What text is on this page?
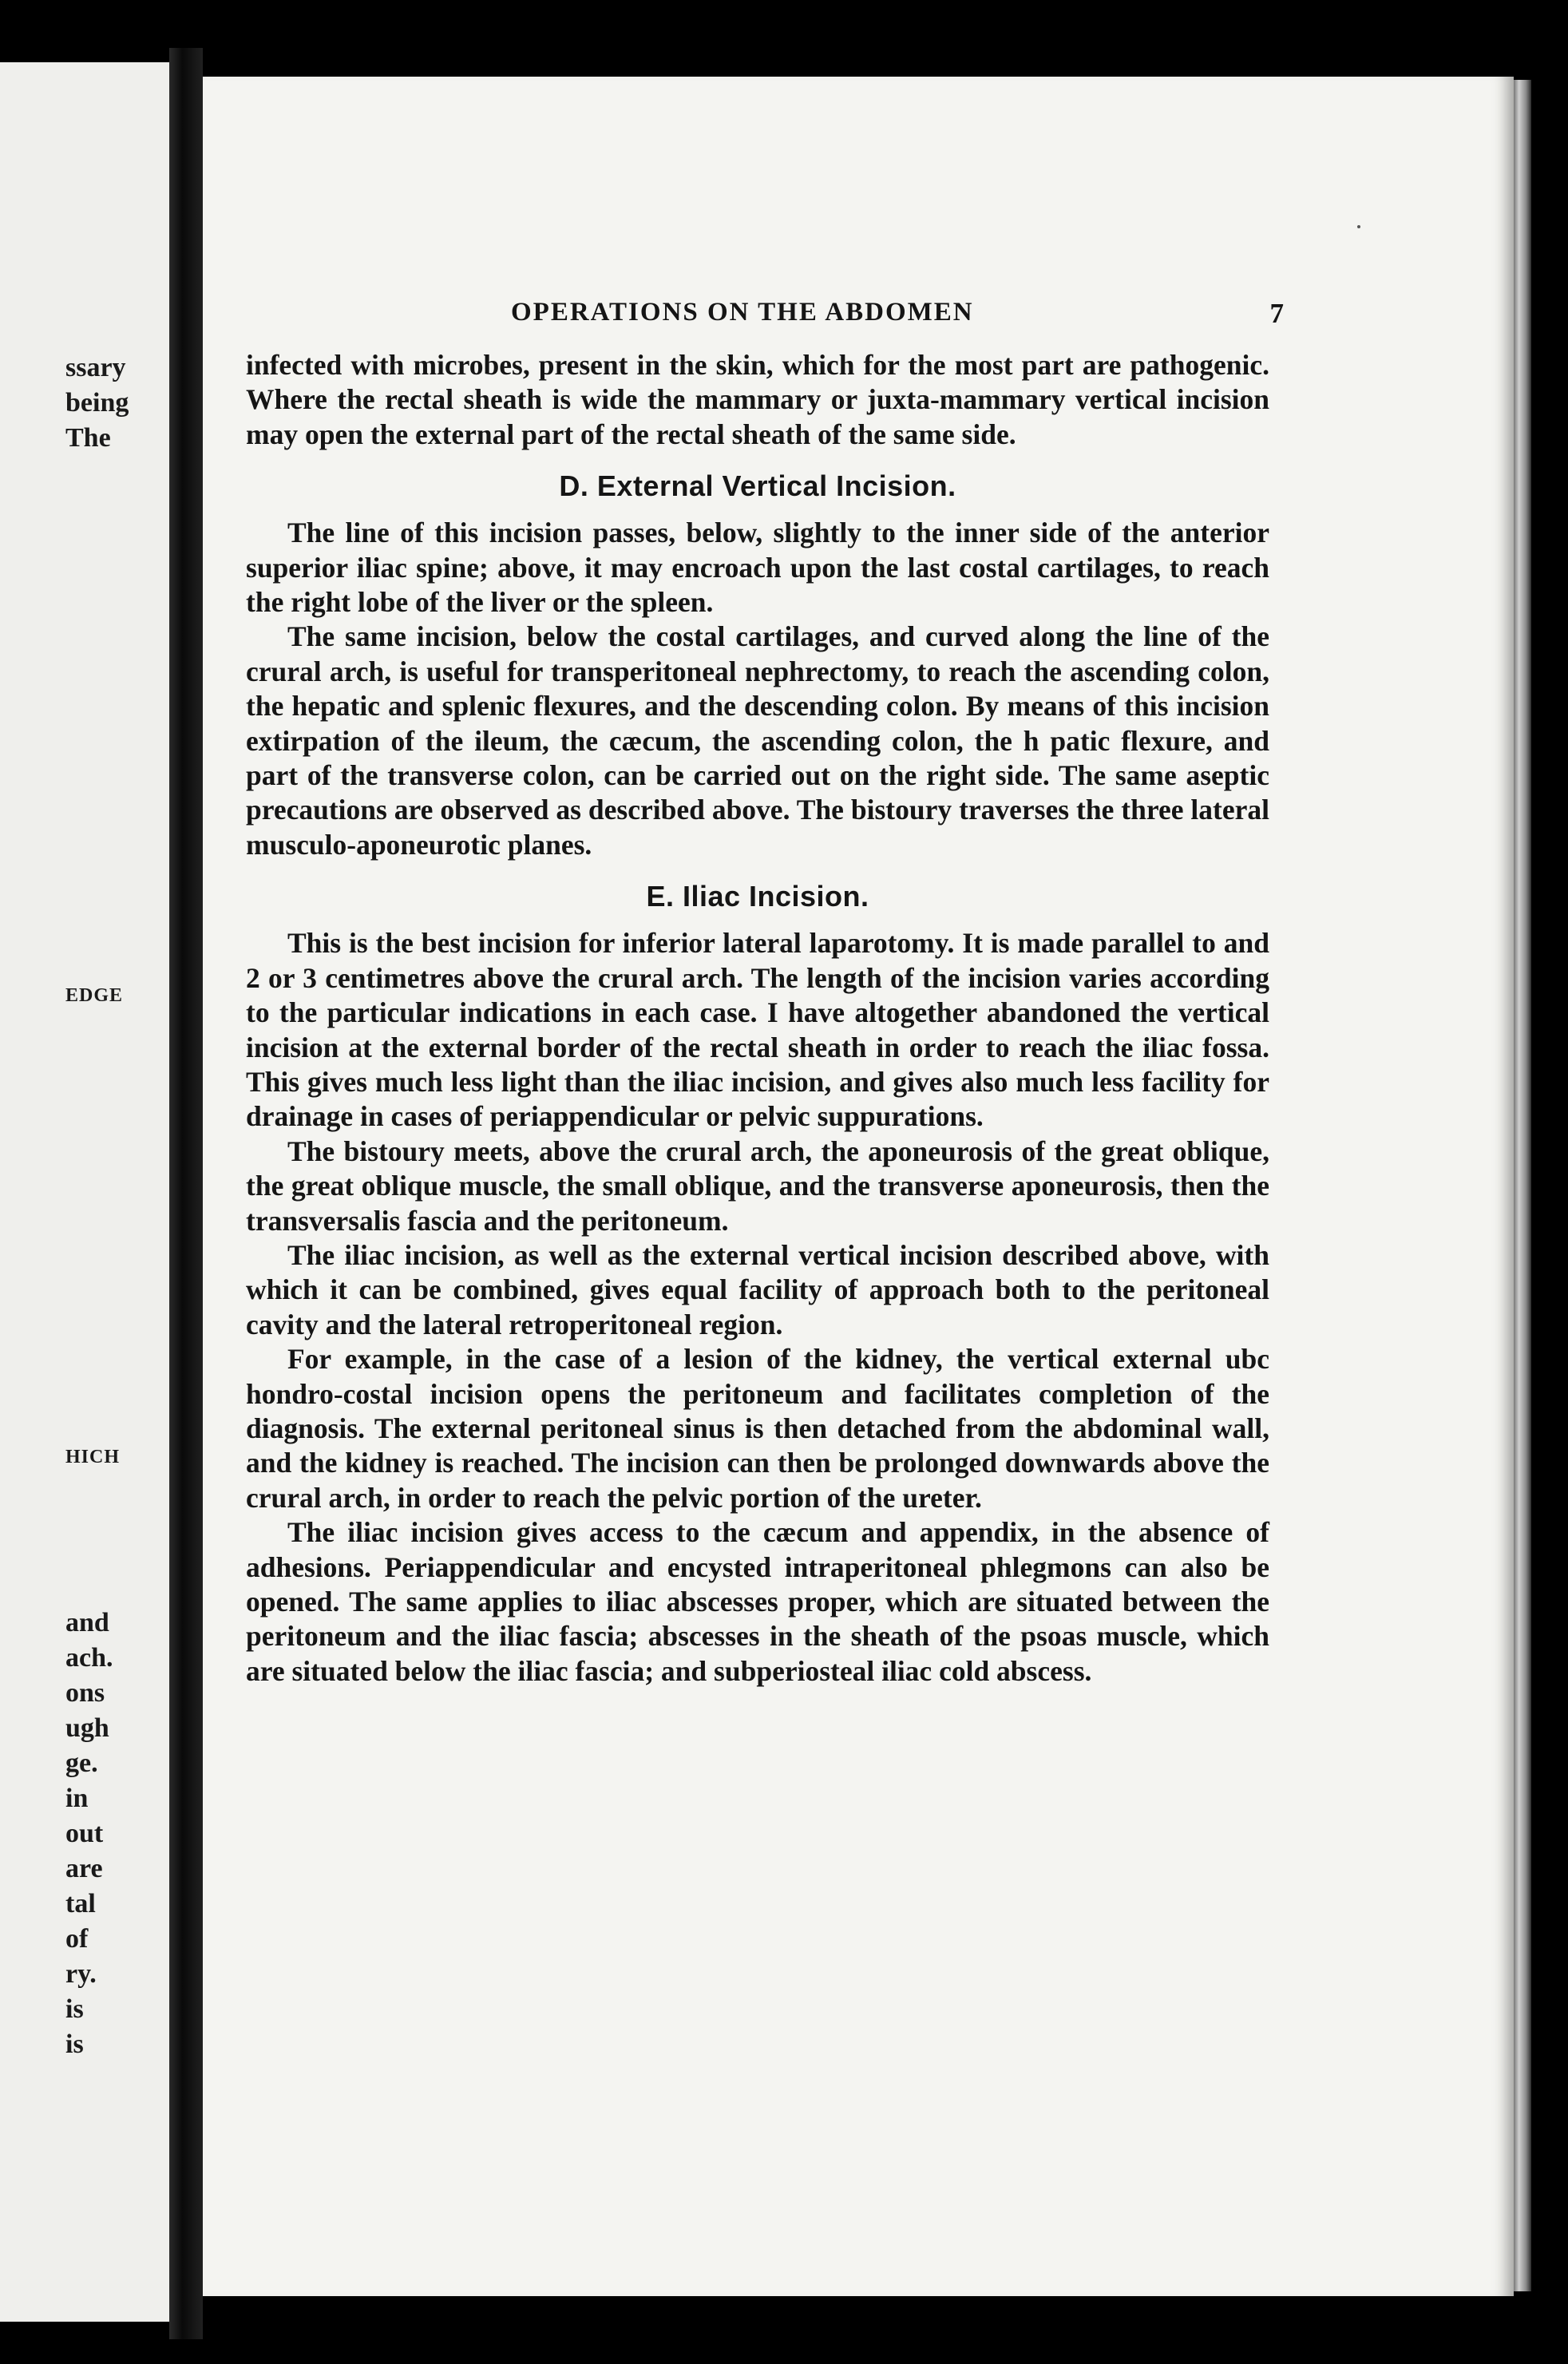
ssary
being
The
EDGE
HICH
and
ach.
ons
ugh
ge.
in
out
are
tal
of
ry.
is
is
OPERATIONS ON THE ABDOMEN	7

infected with microbes, present in the skin, which for the most part are pathogenic. Where the rectal sheath is wide the mammary or juxta-mammary vertical incision may open the external part of the rectal sheath of the same side.

D. External Vertical Incision.

The line of this incision passes, below, slightly to the inner side of the anterior superior iliac spine; above, it may encroach upon the last costal cartilages, to reach the right lobe of the liver or the spleen.

The same incision, below the costal cartilages, and curved along the line of the crural arch, is useful for transperitoneal nephrectomy, to reach the ascending colon, the hepatic and splenic flexures, and the descending colon. By means of this incision extirpation of the ileum, the cæcum, the ascending colon, the h patic flexure, and part of the transverse colon, can be carried out on the right side. The same aseptic precautions are observed as described above. The bistoury traverses the three lateral musculo-aponeurotic planes.

E. Iliac Incision.

This is the best incision for inferior lateral laparotomy. It is made parallel to and 2 or 3 centimetres above the crural arch. The length of the incision varies according to the particular indications in each case. I have altogether abandoned the vertical incision at the external border of the rectal sheath in order to reach the iliac fossa. This gives much less light than the iliac incision, and gives also much less facility for drainage in cases of periappendicular or pelvic suppurations.

The bistoury meets, above the crural arch, the aponeurosis of the great oblique, the great oblique muscle, the small oblique, and the transverse aponeurosis, then the transversalis fascia and the peritoneum.

The iliac incision, as well as the external vertical incision described above, with which it can be combined, gives equal facility of approach both to the peritoneal cavity and the lateral retroperitoneal region.

For example, in the case of a lesion of the kidney, the vertical external ubc hondro-costal incision opens the peritoneum and facilitates completion of the diagnosis. The external peritoneal sinus is then detached from the abdominal wall, and the kidney is reached. The incision can then be prolonged downwards above the crural arch, in order to reach the pelvic portion of the ureter.

The iliac incision gives access to the cæcum and appendix, in the absence of adhesions. Periappendicular and encysted intraperitoneal phlegmons can also be opened. The same applies to iliac abscesses proper, which are situated between the peritoneum and the iliac fascia; abscesses in the sheath of the psoas muscle, which are situated below the iliac fascia; and subperiosteal iliac cold abscess.
